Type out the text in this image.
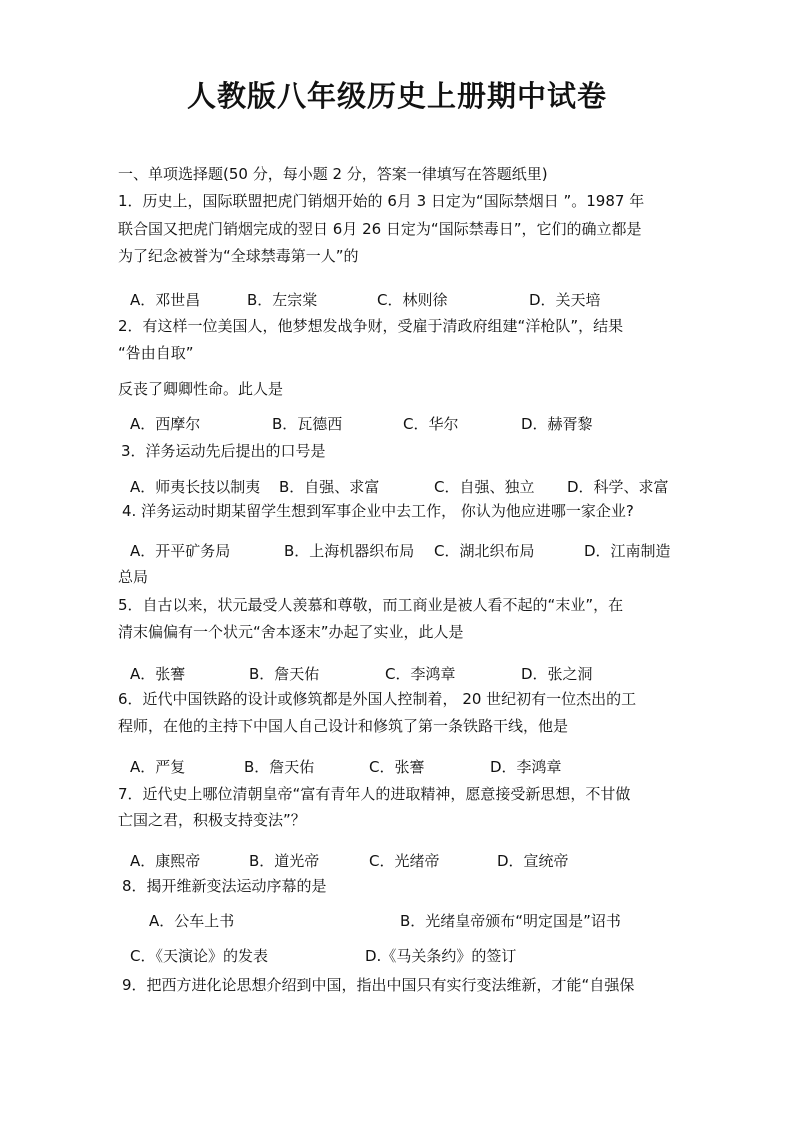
人教版八年级历史上册期中试卷
一、单项选择题(50 分，每小题 2 分，答案一律填写在答题纸里)
1．历史上，国际联盟把虎门销烟开始的 6月 3 日定为“国际禁烟日 ”。1987 年
联合国又把虎门销烟完成的翌日 6月 26 日定为“国际禁毒日”，它们的确立都是
为了纪念被誉为“全球禁毒第一人”的
A．邓世昌	B．左宗棠	C．林则徐	D．关天培
2．有这样一位美国人，他梦想发战争财，受雇于清政府组建“洋枪队”，结果
“咎由自取”
反丧了卿卿性命。此人是
A．西摩尔	B．瓦德西	C．华尔	D．赫胥黎
3．洋务运动先后提出的口号是
A．师夷长技以制夷 B．自强、求富	C．自强、独立 D．科学、求富
4. 洋务运动时期某留学生想到军事企业中去工作， 你认为他应进哪一家企业?
A．开平矿务局	B．上海机器织布局 C．湖北织布局	D．江南制造
总局
5．自古以来，状元最受人羡慕和尊敬，而工商业是被人看不起的“末业”，在
清末偏偏有一个状元“舍本逐末”办起了实业，此人是
A．张謇	B．詹天佑	C．李鸿章	D．张之洞
6．近代中国铁路的设计或修筑都是外国人控制着， 20 世纪初有一位杰出的工
程师，在他的主持下中国人自己设计和修筑了第一条铁路干线，他是
A．严复	B．詹天佑	C．张謇	D．李鸿章
7．近代史上哪位清朝皇帝“富有青年人的进取精神，愿意接受新思想，不甘做
亡国之君，积极支持变法”？
A．康熙帝	B．道光帝	C．光绪帝	D．宣统帝
8．揭开维新变法运动序幕的是
A．公车上书	B．光绪皇帝颁布“明定国是”诏书
C．《天演论》的发表	D.《马关条约》的签订
9．把西方进化论思想介绍到中国，指出中国只有实行变法维新，才能“自强保
